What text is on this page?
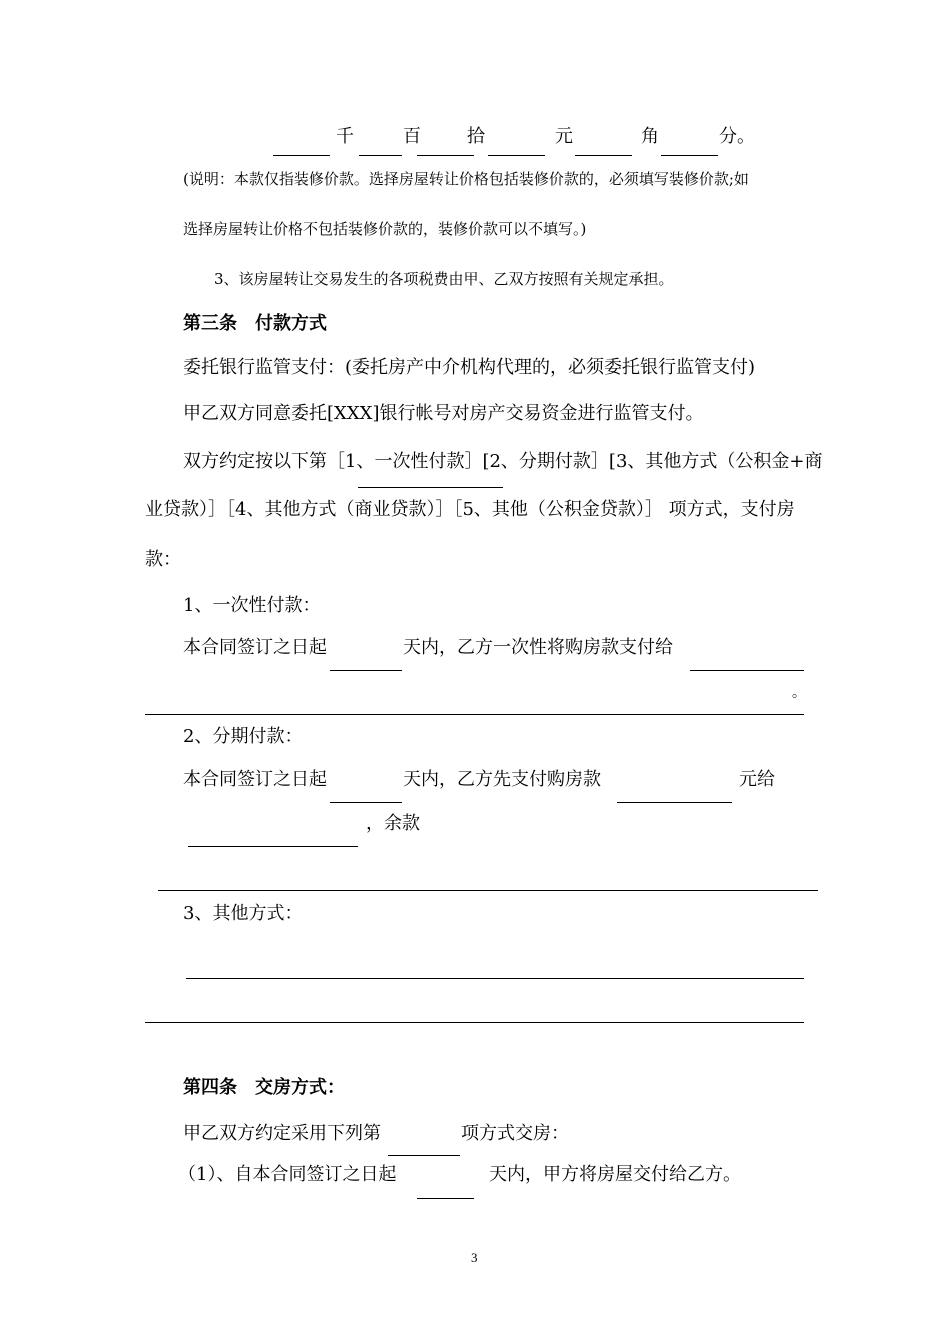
千	百	拾	元	角	分。
(说明：本款仅指装修价款。选择房屋转让价格包括装修价款的，必须填写装修价款;如
选择房屋转让价格不包括装修价款的，装修价款可以不填写。)
3、该房屋转让交易发生的各项税费由甲、乙双方按照有关规定承担。
第三条　付款方式
委托银行监管支付：(委托房产中介机构代理的，必须委托银行监管支付)
甲乙双方同意委托[XXX]银行帐号对房产交易资金进行监管支付。
双方约定按以下第［1、一次性付款］[2、分期付款］[3、其他方式（公积金+商
业贷款）］［4、其他方式（商业贷款）］［5、其他（公积金贷款）］ 项方式，支付房
款：
1、一次性付款：
本合同签订之日起	天内，乙方一次性将购房款支付给
。
2、分期付款：
本合同签订之日起	天内，乙方先支付购房款	元给
，余款
3、其他方式：
第四条　交房方式：
甲乙双方约定采用下列第	项方式交房：
（1）、自本合同签订之日起	天内，甲方将房屋交付给乙方。
3
